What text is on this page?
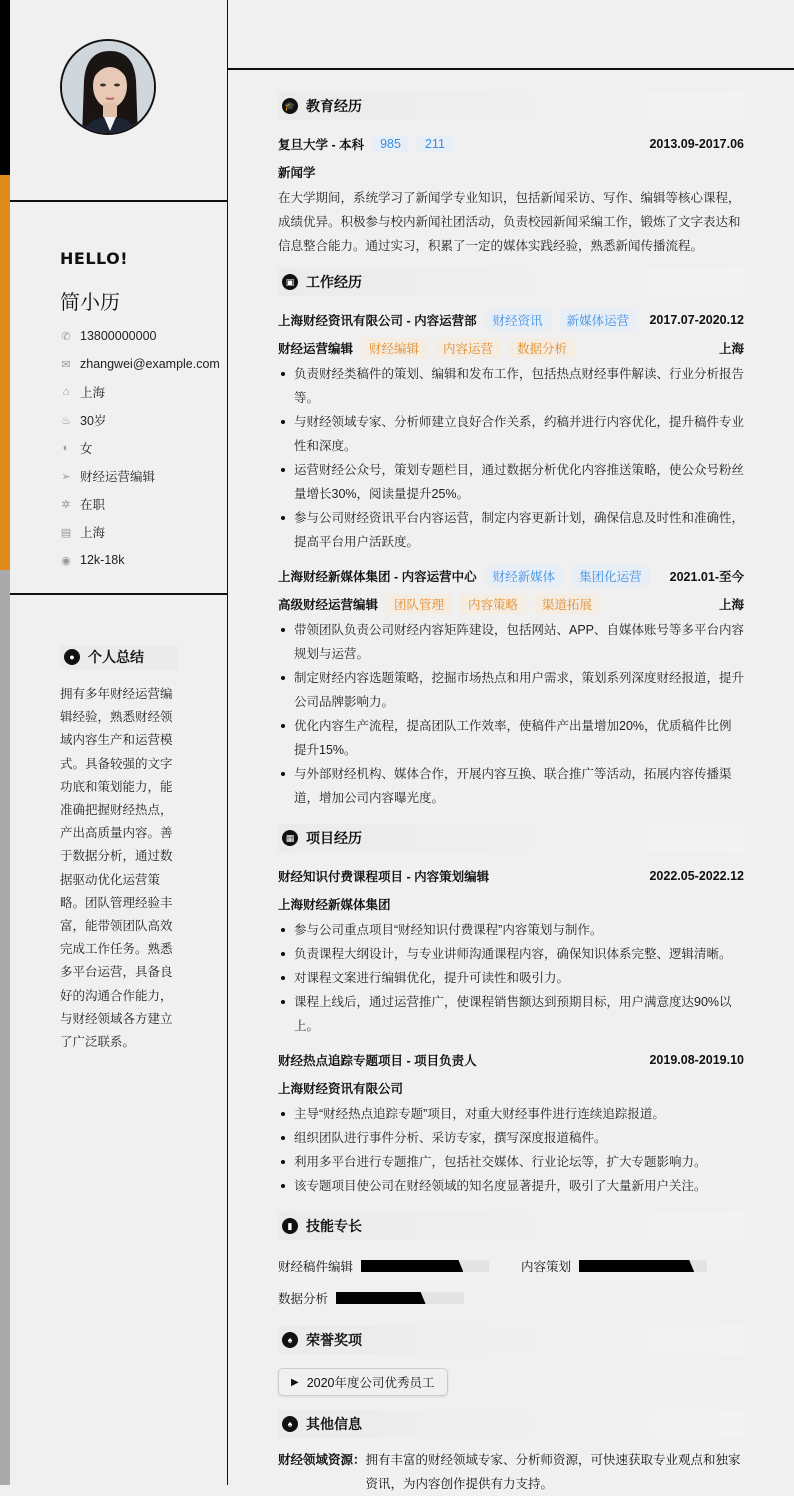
HELLO!
简小历
✆ 13800000000
✉ zhangwei@example.com
⌂ 上海
♨ 30岁
◐ 女
➢ 财经运营编辑
✲ 在职
▤ 上海
◉ 12k-18k
● 个人总结
拥有多年财经运营编辑经验，熟悉财经领域内容生产和运营模式。具备较强的文字功底和策划能力，能准确把握财经热点，产出高质量内容。善于数据分析，通过数据驱动优化运营策略。团队管理经验丰富，能带领团队高效完成工作任务。熟悉多平台运营，具备良好的沟通合作能力，与财经领域各方建立了广泛联系。
🎓 教育经历
复旦大学 - 本科	985	211	2013.09-2017.06
新闻学
在大学期间，系统学习了新闻学专业知识，包括新闻采访、写作、编辑等核心课程，成绩优异。积极参与校内新闻社团活动，负责校园新闻采编工作，锻炼了文字表达和信息整合能力。通过实习，积累了一定的媒体实践经验，熟悉新闻传播流程。
▣ 工作经历
上海财经资讯有限公司 - 内容运营部	财经资讯	新媒体运营	2017.07-2020.12
财经运营编辑	财经编辑	内容运营	数据分析	上海
负责财经类稿件的策划、编辑和发布工作，包括热点财经事件解读、行业分析报告等。
与财经领域专家、分析师建立良好合作关系，约稿并进行内容优化，提升稿件专业性和深度。
运营财经公众号，策划专题栏目，通过数据分析优化内容推送策略，使公众号粉丝量增长30%，阅读量提升25%。
参与公司财经资讯平台内容运营，制定内容更新计划，确保信息及时性和准确性，提高平台用户活跃度。
上海财经新媒体集团 - 内容运营中心	财经新媒体	集团化运营	2021.01-至今
高级财经运营编辑	团队管理	内容策略	渠道拓展	上海
带领团队负责公司财经内容矩阵建设，包括网站、APP、自媒体账号等多平台内容规划与运营。
制定财经内容选题策略，挖掘市场热点和用户需求，策划系列深度财经报道，提升公司品牌影响力。
优化内容生产流程，提高团队工作效率，使稿件产出量增加20%，优质稿件比例提升15%。
与外部财经机构、媒体合作，开展内容互换、联合推广等活动，拓展内容传播渠道，增加公司内容曝光度。
▦ 项目经历
财经知识付费课程项目 - 内容策划编辑	2022.05-2022.12
上海财经新媒体集团
参与公司重点项目“财经知识付费课程”内容策划与制作。
负责课程大纲设计，与专业讲师沟通课程内容，确保知识体系完整、逻辑清晰。
对课程文案进行编辑优化，提升可读性和吸引力。
课程上线后，通过运营推广，使课程销售额达到预期目标，用户满意度达90%以上。
财经热点追踪专题项目 - 项目负责人	2019.08-2019.10
上海财经资讯有限公司
主导“财经热点追踪专题”项目，对重大财经事件进行连续追踪报道。
组织团队进行事件分析、采访专家，撰写深度报道稿件。
利用多平台进行专题推广，包括社交媒体、行业论坛等，扩大专题影响力。
该专题项目使公司在财经领域的知名度显著提升，吸引了大量新用户关注。
▮ 技能专长
财经稿件编辑	内容策划
数据分析
♠ 荣誉奖项
▶ 2020年度公司优秀员工
♠ 其他信息
财经领域资源： 拥有丰富的财经领域专家、分析师资源，可快速获取专业观点和独家资讯，为内容创作提供有力支持。
